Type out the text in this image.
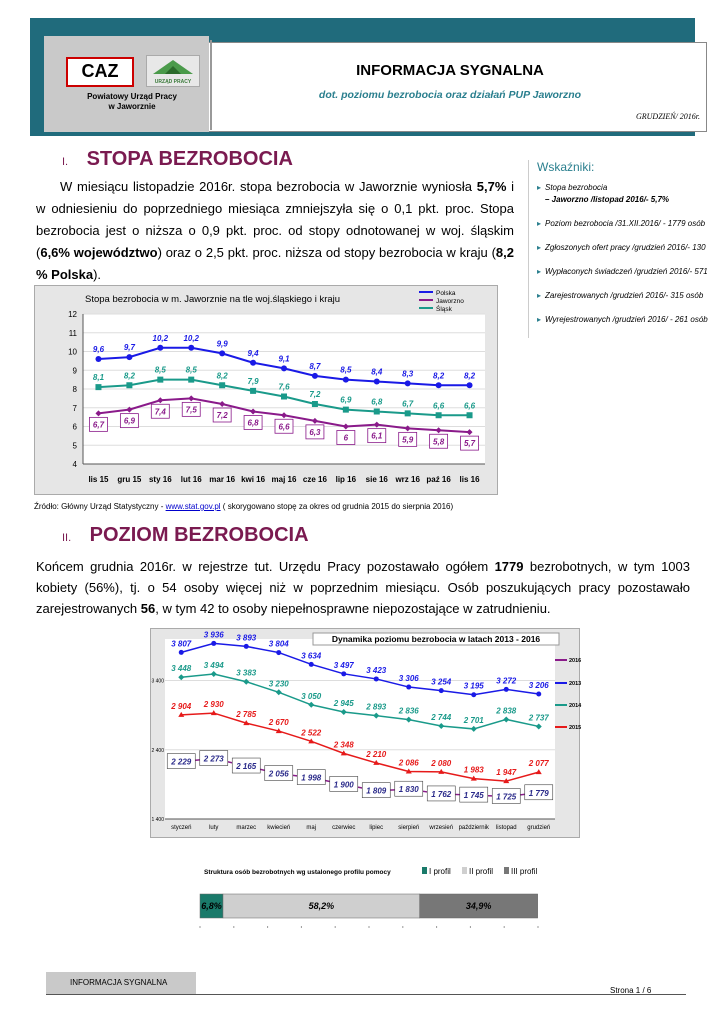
CAZ
URZĄD PRACY
Powiatowy Urząd Pracy
w Jaworznie
INFORMACJA SYGNALNA
dot. poziomu bezrobocia oraz działań PUP Jaworzno
GRUDZIEŃ/ 2016r.
I. STOPA BEZROBOCIA
W miesiącu listopadzie 2016r. stopa bezrobocia w Jaworznie wyniosła 5,7% i w odniesieniu do poprzedniego miesiąca zmniejszyła się o 0,1 pkt. proc. Stopa bezrobocia jest o niższa o 0,9 pkt. proc. od stopy odnotowanej w woj. śląskim (6,6% województwo) oraz o 2,5 pkt. proc. niższa od stopy bezrobocia w kraju (8,2 % Polska).
Wskaźniki:
▸ Stopa bezrobocia
– Jaworzno /listopad 2016/- 5,7%
▸ Poziom bezrobocia /31.XII.2016/ - 1779 osób
▸ Zgłoszonych ofert pracy /grudzień 2016/- 130
▸ Wypłaconych świadczeń /grudzień 2016/- 571
▸ Zarejestrowanych /grudzień 2016/- 315 osób
▸ Wyrejestrowanych /grudzień 2016/ - 261 osób
4
5
6
7
8
9
10
11
12
lis 15 gru 15 sty 16 lut 16 mar 16 kwi 16 maj 16 cze 16 lip 16 sie 16 wrz 16 paź 16 lis 16
Stopa bezrobocia w m. Jaworznie na tle woj.śląskiego i kraju
9,6 9,7
10,2 10,2
9,9
9,4
9,1
8,7 8,5 8,4 8,3 8,2 8,2
Polska
6,7 6,9
7,4 7,5
7,2
6,8 6,6
6,3
6	6,1 5,9 5,8 5,7
Jaworzno
8,1 8,2
8,5 8,5
8,2
7,9
7,6
7,2
6,9 6,8 6,7 6,6 6,6
Śląsk
Źródło: Główny Urząd Statystyczny - www.stat.gov.pl ( skorygowano stopę za okres od grudnia 2015 do sierpnia 2016)
II. POZIOM BEZROBOCIA
Końcem grudnia 2016r. w rejestrze tut. Urzędu Pracy pozostawało ogółem 1779 bezrobotnych, w tym 1003 kobiety (56%), tj. o 54 osoby więcej niż w poprzednim miesiącu. Osób poszukujących pracy pozostawało zarejestrowanych 56, w tym 42 to osoby niepełnosprawne niepozostające w zatrudnieniu.
1 400
2 400
3 400
styczeń	luty	marzec kwiecień	maj	czerwiec lipiec	sierpień wrzesień październik listopad grudzień
Dynamika poziomu bezrobocia w latach 2013 - 2016
2 229 2 273
2 165
2 056 1 998
1 900
1 809 1 830
1 762 1 745 1 725 1 779
2016
3 807
3 936 3 893
3 804
3 634
3 497
3 423
3 306 3 254 3 195
3 272
3 206	2013
3 448 3 494
3 383
3 230
3 050
2 945 2 893 2 836
2 744 2 701
2 838
2 737
2014
2 904 2 930
2 785
2 670
2 522
2 348
2 210
2 086 2 080
1 983 1 947
2 077
2015
Struktura osób bezrobotnych wg ustalonego profilu pomocy	I profil II profil III profil
6,8%	58,2%	34,9%
INFORMACJA SYGNALNA
Strona 1 / 6
